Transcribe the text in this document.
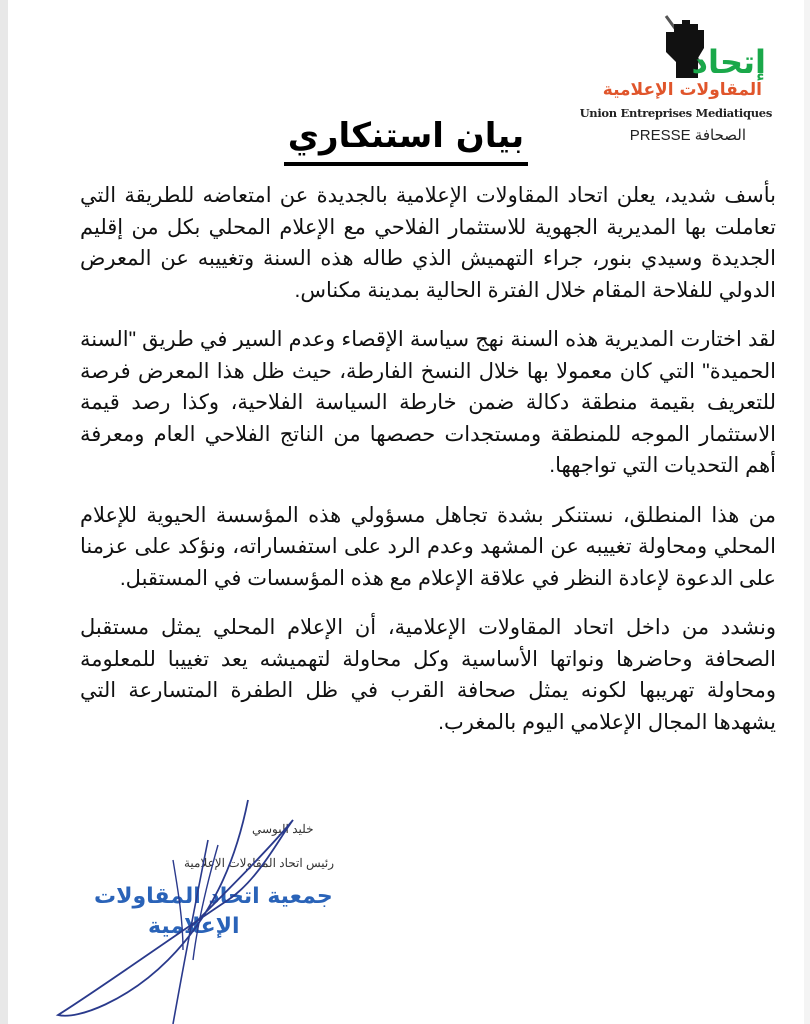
إتحاد
المقاولات الإعلامية
Union Entreprises Mediatiques
PRESSE الصحافة
بيان استنكاري

بأسف شديد، يعلن اتحاد المقاولات الإعلامية بالجديدة عن امتعاضه للطريقة التي تعاملت بها المديرية الجهوية للاستثمار الفلاحي مع الإعلام المحلي بكل من إقليم الجديدة وسيدي بنور، جراء التهميش الذي طاله هذه السنة وتغييبه عن المعرض الدولي للفلاحة المقام خلال الفترة الحالية بمدينة مكناس.

لقد اختارت المديرية هذه السنة نهج سياسة الإقصاء وعدم السير في طريق "السنة الحميدة" التي كان معمولا بها خلال النسخ الفارطة، حيث ظل هذا المعرض فرصة للتعريف بقيمة منطقة دكالة ضمن خارطة السياسة الفلاحية، وكذا رصد قيمة الاستثمار الموجه للمنطقة ومستجدات حصصها من الناتج الفلاحي العام ومعرفة أهم التحديات التي تواجهها.

من هذا المنطلق، نستنكر بشدة تجاهل مسؤولي هذه المؤسسة الحيوية للإعلام المحلي ومحاولة تغييبه عن المشهد وعدم الرد على استفساراته، ونؤكد على عزمنا على الدعوة لإعادة النظر في علاقة الإعلام مع هذه المؤسسات في المستقبل.

ونشدد من داخل اتحاد المقاولات الإعلامية، أن الإعلام المحلي يمثل مستقبل الصحافة وحاضرها ونواتها الأساسية وكل محاولة لتهميشه يعد تغييبا للمعلومة ومحاولة تهريبها لكونه يمثل صحافة القرب في ظل الطفرة المتسارعة التي يشهدها المجال الإعلامي اليوم بالمغرب.

خليد اليوسي
رئيس اتحاد المقاولات الإعلامية
جمعية اتحاد المقاولات
الإعلامية
